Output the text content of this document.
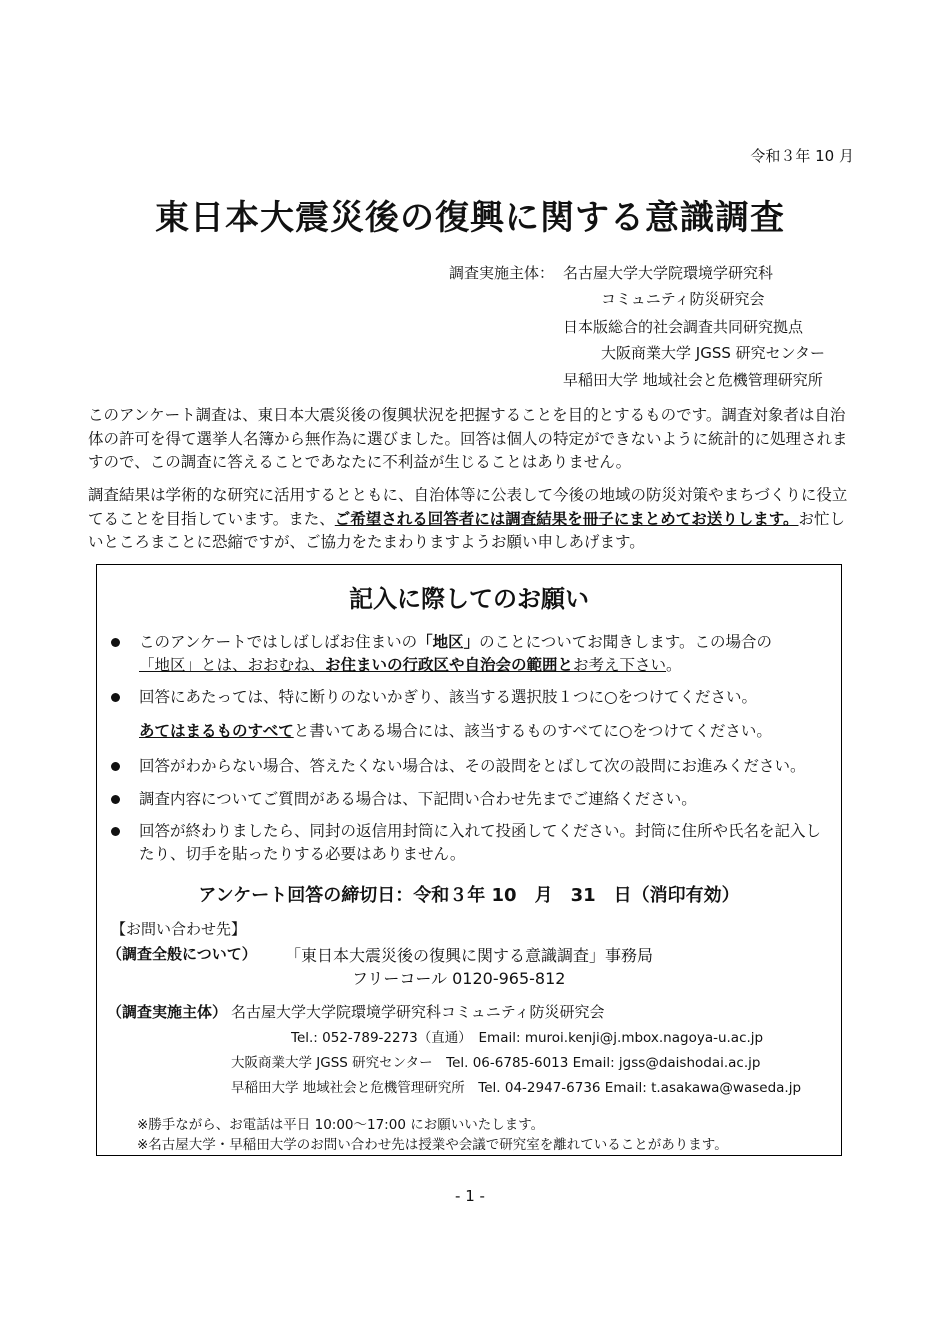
令和３年 10 月
東日本大震災後の復興に関する意識調査
調査実施主体： 名古屋大学大学院環境学研究科
コミュニティ防災研究会
日本版総合的社会調査共同研究拠点
大阪商業大学 JGSS 研究センター
早稲田大学 地域社会と危機管理研究所
このアンケート調査は、東日本大震災後の復興状況を把握することを目的とするものです。調査対象者は自治体の許可を得て選挙人名簿から無作為に選びました。回答は個人の特定ができないように統計的に処理されますので、この調査に答えることであなたに不利益が生じることはありません。
調査結果は学術的な研究に活用するとともに、自治体等に公表して今後の地域の防災対策やまちづくりに役立てることを目指しています。また、ご希望される回答者には調査結果を冊子にまとめてお送りします。お忙しいところまことに恐縮ですが、ご協力をたまわりますようお願い申しあげます。
記入に際してのお願い
このアンケートではしばしばお住まいの「地区」のことについてお聞きします。この場合の
「地区」とは、おおむね、お住まいの行政区や自治会の範囲とお考え下さい。
回答にあたっては、特に断りのないかぎり、該当する選択肢１つに○をつけてください。
あてはまるものすべてと書いてある場合には、該当するものすべてに○をつけてください。
回答がわからない場合、答えたくない場合は、その設問をとばして次の設問にお進みください。
調査内容についてご質問がある場合は、下記問い合わせ先までご連絡ください。
回答が終わりましたら、同封の返信用封筒に入れて投函してください。封筒に住所や氏名を記入したり、切手を貼ったりする必要はありません。
アンケート回答の締切日：令和３年 10　月　31　日（消印有効）
【お問い合わせ先】
（調査全般について） 「東日本大震災後の復興に関する意識調査」事務局
フリーコール 0120-965-812
（調査実施主体） 名古屋大学大学院環境学研究科コミュニティ防災研究会
Tel.: 052-789-2273（直通）　Email: muroi.kenji@j.mbox.nagoya-u.ac.jp
大阪商業大学 JGSS 研究センター　Tel. 06-6785-6013 Email: jgss@daishodai.ac.jp
早稲田大学 地域社会と危機管理研究所　Tel. 04-2947-6736 Email: t.asakawa@waseda.jp
※勝手ながら、お電話は平日 10:00～17:00 にお願いいたします。
※名古屋大学・早稲田大学のお問い合わせ先は授業や会議で研究室を離れていることがあります。
- 1 -
